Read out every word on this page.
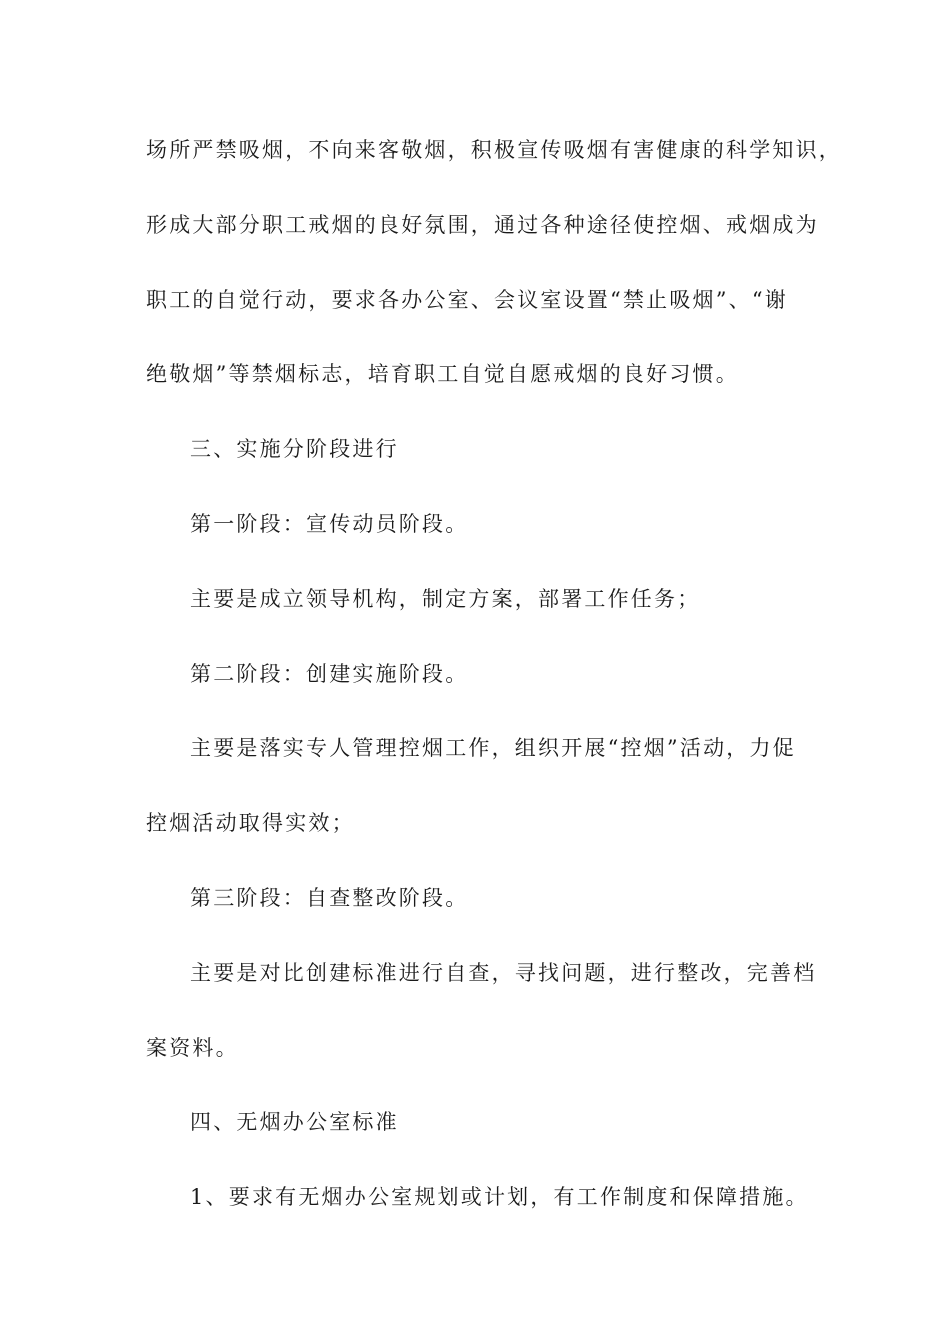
场所严禁吸烟，不向来客敬烟，积极宣传吸烟有害健康的科学知识，
形成大部分职工戒烟的良好氛围，通过各种途径使控烟、戒烟成为
职工的自觉行动，要求各办公室、会议室设置“禁止吸烟”、“谢
绝敬烟”等禁烟标志，培育职工自觉自愿戒烟的良好习惯。
三、实施分阶段进行
第一阶段：宣传动员阶段。
主要是成立领导机构，制定方案，部署工作任务；
第二阶段：创建实施阶段。
主要是落实专人管理控烟工作，组织开展“控烟”活动，力促
控烟活动取得实效；
第三阶段：自查整改阶段。
主要是对比创建标准进行自查，寻找问题，进行整改，完善档
案资料。
四、无烟办公室标准
1、要求有无烟办公室规划或计划，有工作制度和保障措施。
